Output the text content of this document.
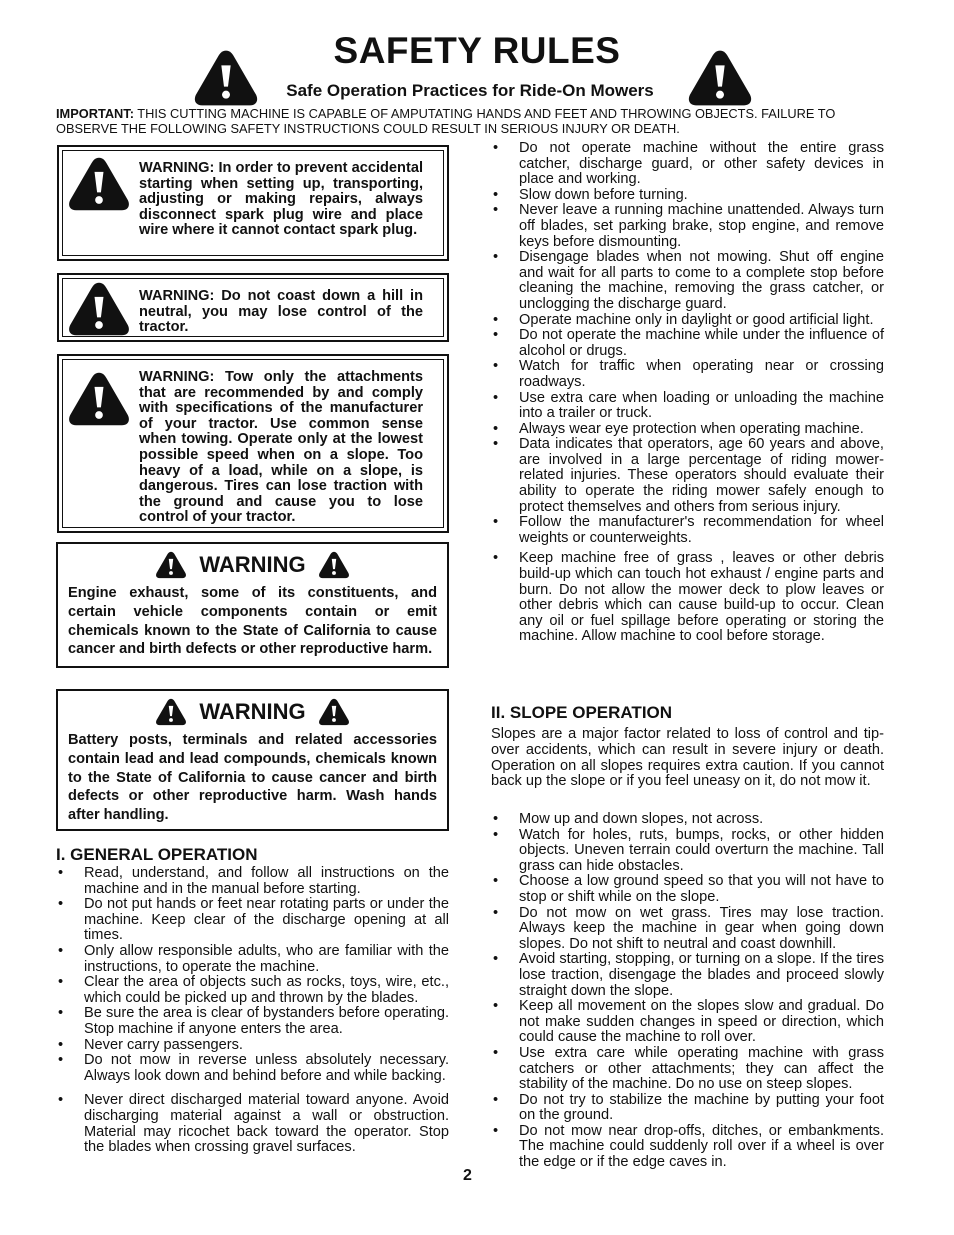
SAFETY RULES
Safe Operation Practices for Ride-On Mowers
IMPORTANT: THIS CUTTING MACHINE IS CAPABLE OF AMPUTATING HANDS AND FEET AND THROWING OBJECTS. FAILURE TO OBSERVE THE FOLLOWING SAFETY INSTRUCTIONS COULD RESULT IN SERIOUS INJURY OR DEATH.
WARNING: In order to prevent accidental starting when setting up, transporting, adjusting or making repairs, always disconnect spark plug wire and place wire where it cannot contact spark plug.
WARNING: Do not coast down a hill in neutral, you may lose control of the tractor.
WARNING: Tow only the attachments that are recommended by and comply with specifications of the manufacturer of your tractor. Use common sense when towing. Operate only at the lowest possible speed when on a slope. Too heavy of a load, while on a slope, is dangerous. Tires can lose traction with the ground and cause you to lose control of your tractor.
WARNING
Engine exhaust, some of its constituents, and certain vehicle components contain or emit chemicals known to the State of California to cause cancer and birth defects or other reproductive harm.
WARNING
Battery posts, terminals and related accessories contain lead and lead compounds, chemicals known to the State of California to cause cancer and birth defects or other reproductive harm. Wash hands after handling.
I. GENERAL OPERATION
• Read, understand, and follow all instructions on the machine and in the manual before starting.
• Do not put hands or feet near rotating parts or under the machine. Keep clear of the discharge opening at all times.
• Only allow responsible adults, who are familiar with the instructions, to operate the machine.
• Clear the area of objects such as rocks, toys, wire, etc., which could be picked up and thrown by the blades.
• Be sure the area is clear of bystanders before operating. Stop machine if anyone enters the area.
• Never carry passengers.
• Do not mow in reverse unless absolutely necessary. Always look down and behind before and while backing.
• Never direct discharged material toward anyone. Avoid discharging material against a wall or obstruction. Material may ricochet back toward the operator. Stop the blades when crossing gravel surfaces.
• Do not operate machine without the entire grass catcher, discharge guard, or other safety devices in place and working.
• Slow down before turning.
• Never leave a running machine unattended. Always turn off blades, set parking brake, stop engine, and remove keys before dismounting.
• Disengage blades when not mowing. Shut off engine and wait for all parts to come to a complete stop before cleaning the machine, removing the grass catcher, or unclogging the discharge guard.
• Operate machine only in daylight or good artificial light.
• Do not operate the machine while under the influence of alcohol or drugs.
• Watch for traffic when operating near or crossing roadways.
• Use extra care when loading or unloading the machine into a trailer or truck.
• Always wear eye protection when operating machine.
• Data indicates that operators, age 60 years and above, are involved in a large percentage of riding mower-related injuries. These operators should evaluate their ability to operate the riding mower safely enough to protect themselves and others from serious injury.
• Follow the manufacturer's recommendation for wheel weights or counterweights.
• Keep machine free of grass , leaves or other debris build-up which can touch hot exhaust / engine parts and burn. Do not allow the mower deck to plow leaves or other debris which can cause build-up to occur. Clean any oil or fuel spillage before operating or storing the machine. Allow machine to cool before storage.
II. SLOPE OPERATION
Slopes are a major factor related to loss of control and tip-over accidents, which can result in severe injury or death. Operation on all slopes requires extra caution. If you cannot back up the slope or if you feel uneasy on it, do not mow it.
• Mow up and down slopes, not across.
• Watch for holes, ruts, bumps, rocks, or other hidden objects. Uneven terrain could overturn the machine. Tall grass can hide obstacles.
• Choose a low ground speed so that you will not have to stop or shift while on the slope.
• Do not mow on wet grass. Tires may lose traction. Always keep the machine in gear when going down slopes. Do not shift to neutral and coast downhill.
• Avoid starting, stopping, or turning on a slope. If the tires lose traction, disengage the blades and proceed slowly straight down the slope.
• Keep all movement on the slopes slow and gradual. Do not make sudden changes in speed or direction, which could cause the machine to roll over.
• Use extra care while operating machine with grass catchers or other attachments; they can affect the stability of the machine. Do no use on steep slopes.
• Do not try to stabilize the machine by putting your foot on the ground.
• Do not mow near drop-offs, ditches, or embankments. The machine could suddenly roll over if a wheel is over the edge or if the edge caves in.
2
